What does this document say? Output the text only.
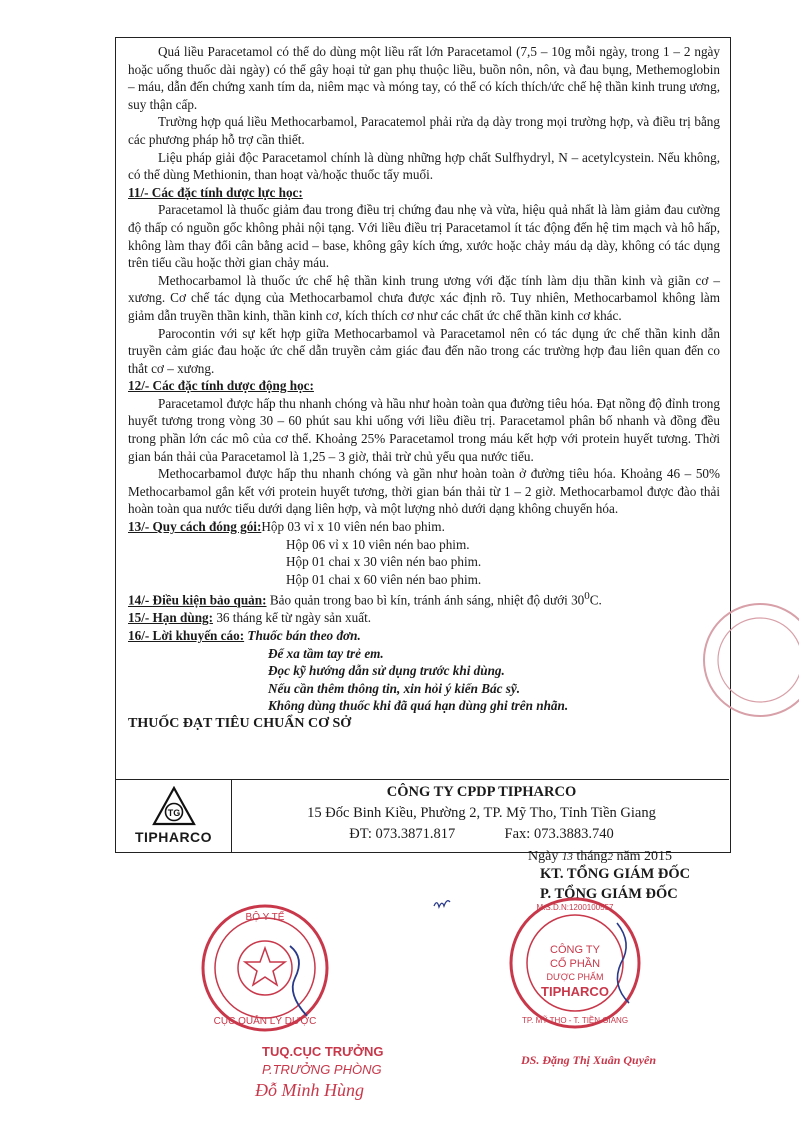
Quá liều Paracetamol có thể do dùng một liều rất lớn Paracetamol (7,5 – 10g mỗi ngày, trong 1 – 2 ngày hoặc uống thuốc dài ngày) có thể gây hoại tử gan phụ thuộc liều, buồn nôn, nôn, và đau bụng, Methemoglobin – máu, dẫn đến chứng xanh tím da, niêm mạc và móng tay, có thể có kích thích/ức chế hệ thần kinh trung ương, suy thận cấp.

Trường hợp quá liều Methocarbamol, Paracatemol phải rửa dạ dày trong mọi trường hợp, và điều trị bằng các phương pháp hỗ trợ cần thiết.

Liệu pháp giải độc Paracetamol chính là dùng những hợp chất Sulfhydryl, N – acetylcystein. Nếu không, có thể dùng Methionin, than hoạt và/hoặc thuốc tẩy muối.

11/- Các đặc tính dược lực học:

Paracetamol là thuốc giảm đau trong điều trị chứng đau nhẹ và vừa, hiệu quả nhất là làm giảm đau cường độ thấp có nguồn gốc không phải nội tạng. Với liều điều trị Paracetamol ít tác động đến hệ tim mạch và hô hấp, không làm thay đổi cân bằng acid – base, không gây kích ứng, xước hoặc chảy máu dạ dày, không có tác dụng trên tiểu cầu hoặc thời gian chảy máu.

Methocarbamol là thuốc ức chế hệ thần kinh trung ương với đặc tính làm dịu thần kinh và giãn cơ – xương. Cơ chế tác dụng của Methocarbamol chưa được xác định rõ. Tuy nhiên, Methocarbamol không làm giảm dẫn truyền thần kinh, thần kinh cơ, kích thích cơ như các chất ức chế thần kinh cơ khác.

Parocontin với sự kết hợp giữa Methocarbamol và Paracetamol nên có tác dụng ức chế thần kinh dẫn truyền cảm giác đau hoặc ức chế dẫn truyền cảm giác đau đến não trong các trường hợp đau liên quan đến co thắt cơ – xương.

12/- Các đặc tính dược động học:

Paracetamol được hấp thu nhanh chóng và hầu như hoàn toàn qua đường tiêu hóa. Đạt nồng độ đỉnh trong huyết tương trong vòng 30 – 60 phút sau khi uống với liều điều trị. Paracetamol phân bố nhanh và đồng đều trong phần lớn các mô của cơ thể. Khoảng 25% Paracetamol trong máu kết hợp với protein huyết tương. Thời gian bán thải của Paracetamol là 1,25 – 3 giờ, thải trừ chủ yếu qua nước tiểu.

Methocarbamol được hấp thu nhanh chóng và gần như hoàn toàn ở đường tiêu hóa. Khoảng 46 – 50% Methocarbamol gắn kết với protein huyết tương, thời gian bán thải từ 1 – 2 giờ. Methocarbamol được đào thải hoàn toàn qua nước tiểu dưới dạng liên hợp, và một lượng nhỏ dưới dạng không chuyển hóa.

13/- Quy cách đóng gói: Hộp 03 vỉ x 10 viên nén bao phim.

Hộp 06 vỉ x 10 viên nén bao phim.

Hộp 01 chai x 30 viên nén bao phim.

Hộp 01 chai x 60 viên nén bao phim.

14/- Điều kiện bảo quản: Bảo quản trong bao bì kín, tránh ánh sáng, nhiệt độ dưới $30^0C$.

15/- Hạn dùng: 36 tháng kể từ ngày sản xuất.

16/- Lời khuyến cáo: Thuốc bán theo đơn.

Để xa tầm tay trẻ em.

Đọc kỹ hướng dẫn sử dụng trước khi dùng.

Nếu cần thêm thông tin, xin hỏi ý kiến Bác sỹ.

Không dùng thuốc khi đã quá hạn dùng ghi trên nhãn.

THUỐC ĐẠT TIÊU CHUẨN CƠ SỞ

TG
TIPHARCO
CÔNG TY CPDP TIPHARCO
15 Đốc Binh Kiều, Phường 2, TP. Mỹ Tho, Tỉnh Tiền Giang
ĐT: 073.3871.817	Fax: 073.3883.740
Ngày 13 tháng2 năm 2015
KT. TỔNG GIÁM ĐỐC
P. TỔNG GIÁM ĐỐC
BỘ Y TẾ
CỤC QUẢN LÝ DƯỢC
M.S.D.N:1200100557
CÔNG TY
CỔ PHẦN
DƯỢC PHẨM
TIPHARCO
TP. MỸ THO - T. TIỀN GIANG
TUQ.CỤC TRƯỞNG
P.TRƯỞNG PHÒNG
Đỗ Minh Hùng
DS. Đặng Thị Xuân Quyên
